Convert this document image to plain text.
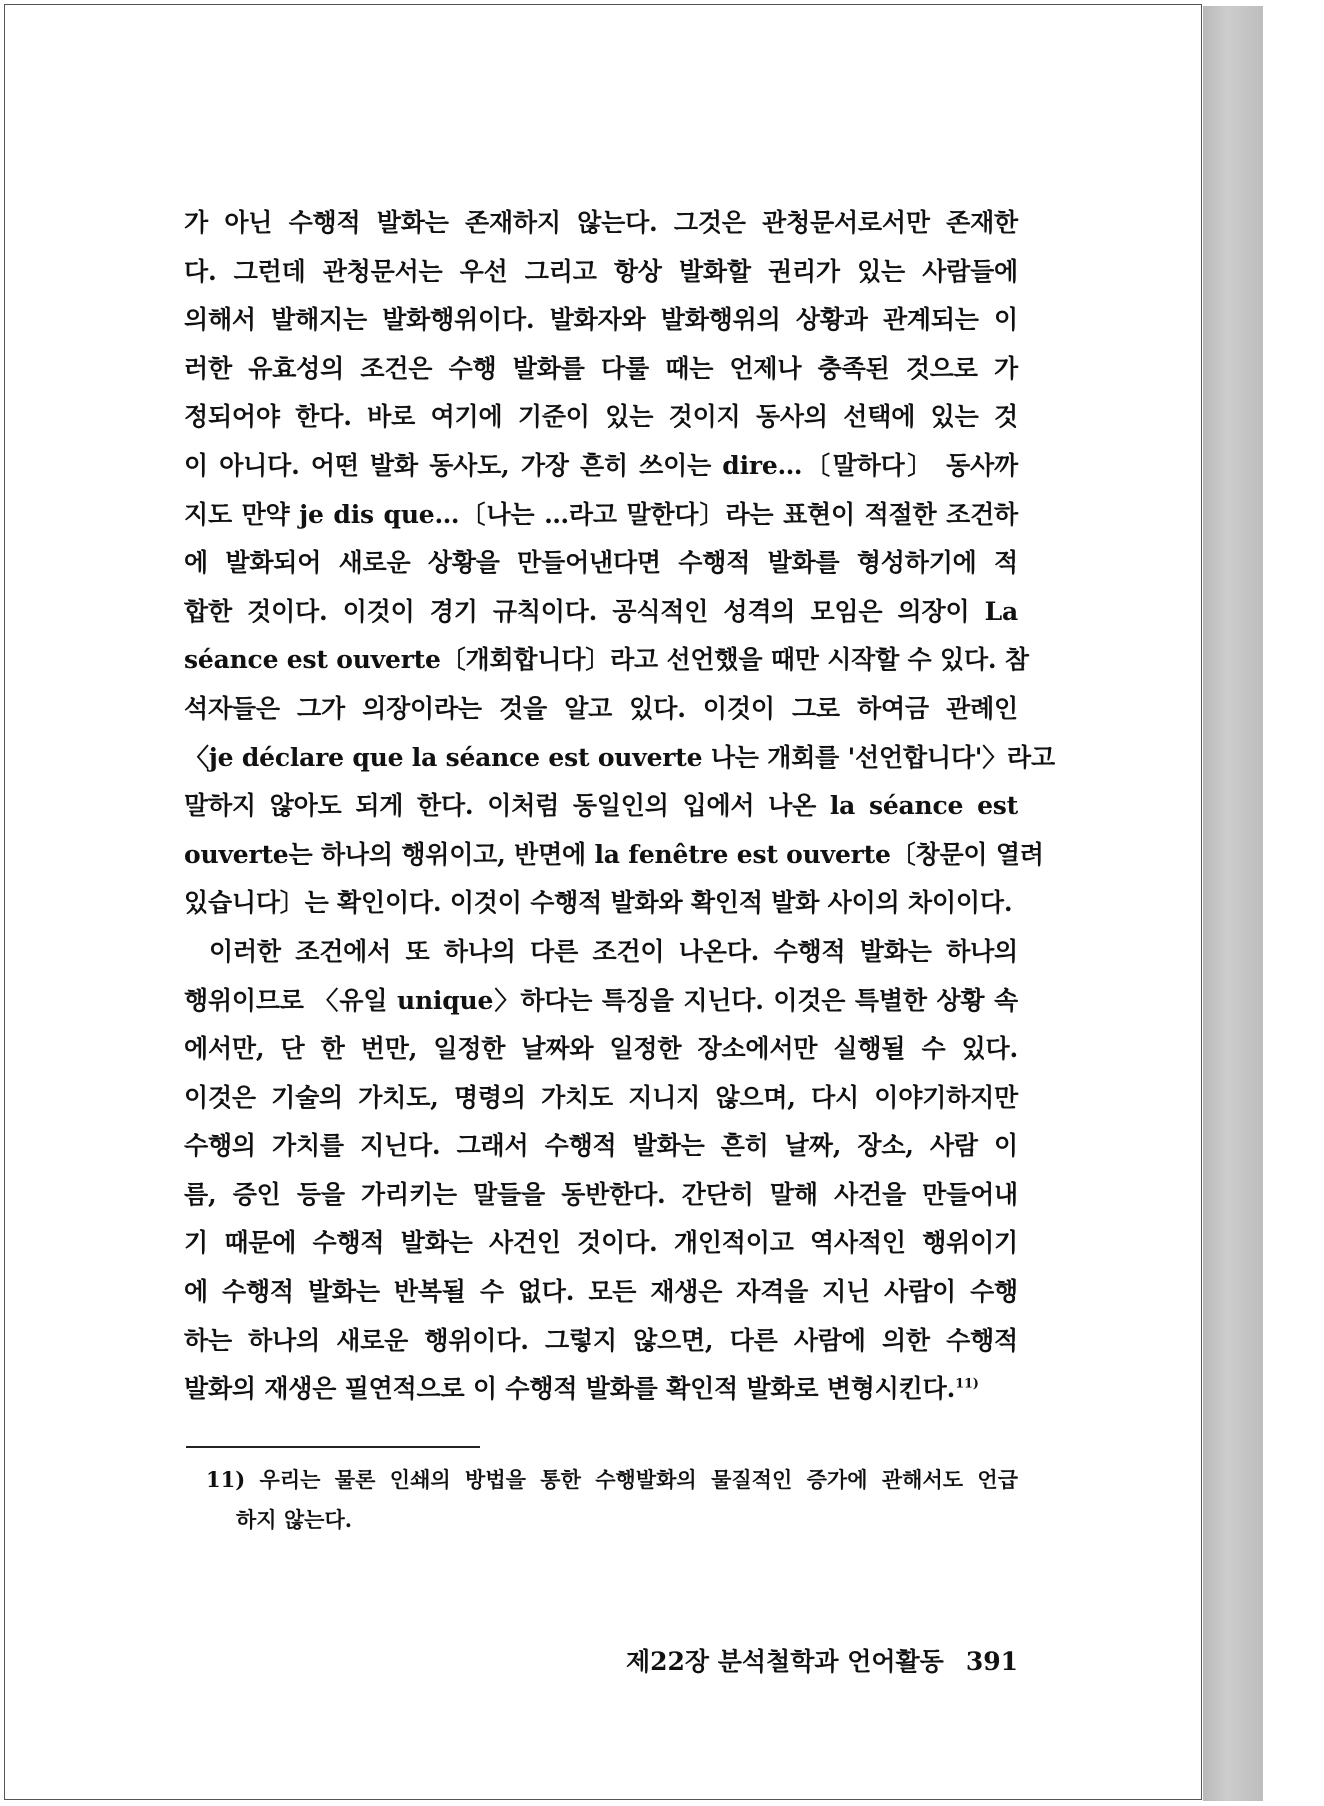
가 아닌 수행적 발화는 존재하지 않는다. 그것은 관청문서로서만 존재한
다. 그런데 관청문서는 우선 그리고 항상 발화할 권리가 있는 사람들에
의해서 발해지는 발화행위이다. 발화자와 발화행위의 상황과 관계되는 이
러한 유효성의 조건은 수행 발화를 다룰 때는 언제나 충족된 것으로 가
정되어야 한다. 바로 여기에 기준이 있는 것이지 동사의 선택에 있는 것
이 아니다. 어떤 발화 동사도, 가장 흔히 쓰이는 dire…〔말하다〕 동사까
지도 만약 je dis que…〔나는 …라고 말한다〕라는 표현이 적절한 조건하
에 발화되어 새로운 상황을 만들어낸다면 수행적 발화를 형성하기에 적
합한 것이다. 이것이 경기 규칙이다. 공식적인 성격의 모임은 의장이 La
séance est ouverte〔개회합니다〕라고 선언했을 때만 시작할 수 있다. 참
석자들은 그가 의장이라는 것을 알고 있다. 이것이 그로 하여금 관례인
〈je déclare que la séance est ouverte 나는 개회를 '선언합니다'〉라고
말하지 않아도 되게 한다. 이처럼 동일인의 입에서 나온 la séance est
ouverte는 하나의 행위이고, 반면에 la fenêtre est ouverte〔창문이 열려
있습니다〕는 확인이다. 이것이 수행적 발화와 확인적 발화 사이의 차이이다.
이러한 조건에서 또 하나의 다른 조건이 나온다. 수행적 발화는 하나의
행위이므로 〈유일 unique〉하다는 특징을 지닌다. 이것은 특별한 상황 속
에서만, 단 한 번만, 일정한 날짜와 일정한 장소에서만 실행될 수 있다.
이것은 기술의 가치도, 명령의 가치도 지니지 않으며, 다시 이야기하지만
수행의 가치를 지닌다. 그래서 수행적 발화는 흔히 날짜, 장소, 사람 이
름, 증인 등을 가리키는 말들을 동반한다. 간단히 말해 사건을 만들어내
기 때문에 수행적 발화는 사건인 것이다. 개인적이고 역사적인 행위이기
에 수행적 발화는 반복될 수 없다. 모든 재생은 자격을 지닌 사람이 수행
하는 하나의 새로운 행위이다. 그렇지 않으면, 다른 사람에 의한 수행적
발화의 재생은 필연적으로 이 수행적 발화를 확인적 발화로 변형시킨다.$^{11)}$
11) 우리는 물론 인쇄의 방법을 통한 수행발화의 물질적인 증가에 관해서도 언급
하지 않는다.
제22장 분석철학과 언어활동 391
